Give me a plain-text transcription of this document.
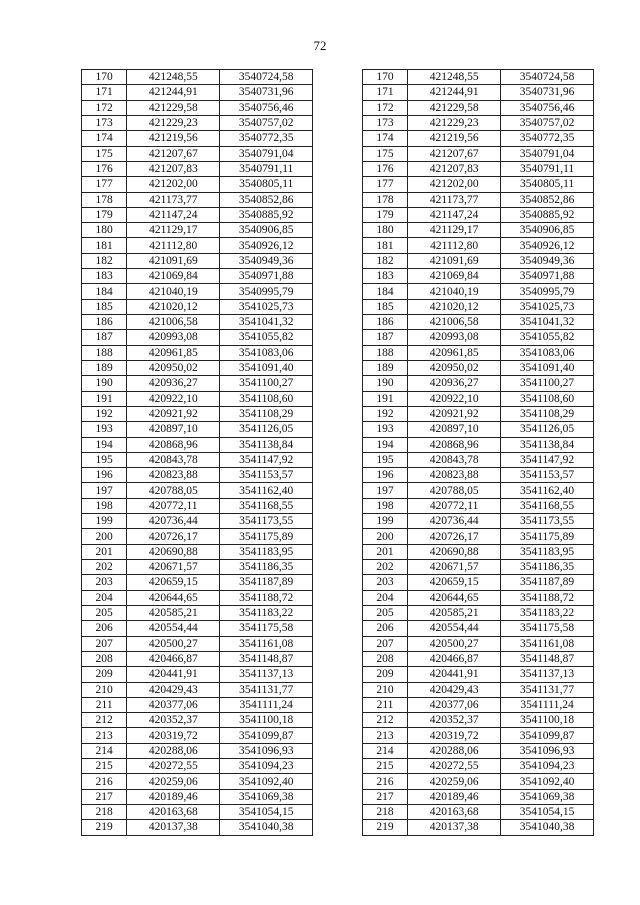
72
170	421248,55	3540724,58		170	421248,55	3540724,58
171	421244,91	3540731,96		171	421244,91	3540731,96
172	421229,58	3540756,46		172	421229,58	3540756,46
173	421229,23	3540757,02		173	421229,23	3540757,02
174	421219,56	3540772,35		174	421219,56	3540772,35
175	421207,67	3540791,04		175	421207,67	3540791,04
176	421207,83	3540791,11		176	421207,83	3540791,11
177	421202,00	3540805,11		177	421202,00	3540805,11
178	421173,77	3540852,86		178	421173,77	3540852,86
179	421147,24	3540885,92		179	421147,24	3540885,92
180	421129,17	3540906,85		180	421129,17	3540906,85
181	421112,80	3540926,12		181	421112,80	3540926,12
182	421091,69	3540949,36		182	421091,69	3540949,36
183	421069,84	3540971,88		183	421069,84	3540971,88
184	421040,19	3540995,79		184	421040,19	3540995,79
185	421020,12	3541025,73		185	421020,12	3541025,73
186	421006,58	3541041,32		186	421006,58	3541041,32
187	420993,08	3541055,82		187	420993,08	3541055,82
188	420961,85	3541083,06		188	420961,85	3541083,06
189	420950,02	3541091,40		189	420950,02	3541091,40
190	420936,27	3541100,27		190	420936,27	3541100,27
191	420922,10	3541108,60		191	420922,10	3541108,60
192	420921,92	3541108,29		192	420921,92	3541108,29
193	420897,10	3541126,05		193	420897,10	3541126,05
194	420868,96	3541138,84		194	420868,96	3541138,84
195	420843,78	3541147,92		195	420843,78	3541147,92
196	420823,88	3541153,57		196	420823,88	3541153,57
197	420788,05	3541162,40		197	420788,05	3541162,40
198	420772,11	3541168,55		198	420772,11	3541168,55
199	420736,44	3541173,55		199	420736,44	3541173,55
200	420726,17	3541175,89		200	420726,17	3541175,89
201	420690,88	3541183,95		201	420690,88	3541183,95
202	420671,57	3541186,35		202	420671,57	3541186,35
203	420659,15	3541187,89		203	420659,15	3541187,89
204	420644,65	3541188,72		204	420644,65	3541188,72
205	420585,21	3541183,22		205	420585,21	3541183,22
206	420554,44	3541175,58		206	420554,44	3541175,58
207	420500,27	3541161,08		207	420500,27	3541161,08
208	420466,87	3541148,87		208	420466,87	3541148,87
209	420441,91	3541137,13		209	420441,91	3541137,13
210	420429,43	3541131,77		210	420429,43	3541131,77
211	420377,06	3541111,24		211	420377,06	3541111,24
212	420352,37	3541100,18		212	420352,37	3541100,18
213	420319,72	3541099,87		213	420319,72	3541099,87
214	420288,06	3541096,93		214	420288,06	3541096,93
215	420272,55	3541094,23		215	420272,55	3541094,23
216	420259,06	3541092,40		216	420259,06	3541092,40
217	420189,46	3541069,38		217	420189,46	3541069,38
218	420163,68	3541054,15		218	420163,68	3541054,15
219	420137,38	3541040,38		219	420137,38	3541040,38
